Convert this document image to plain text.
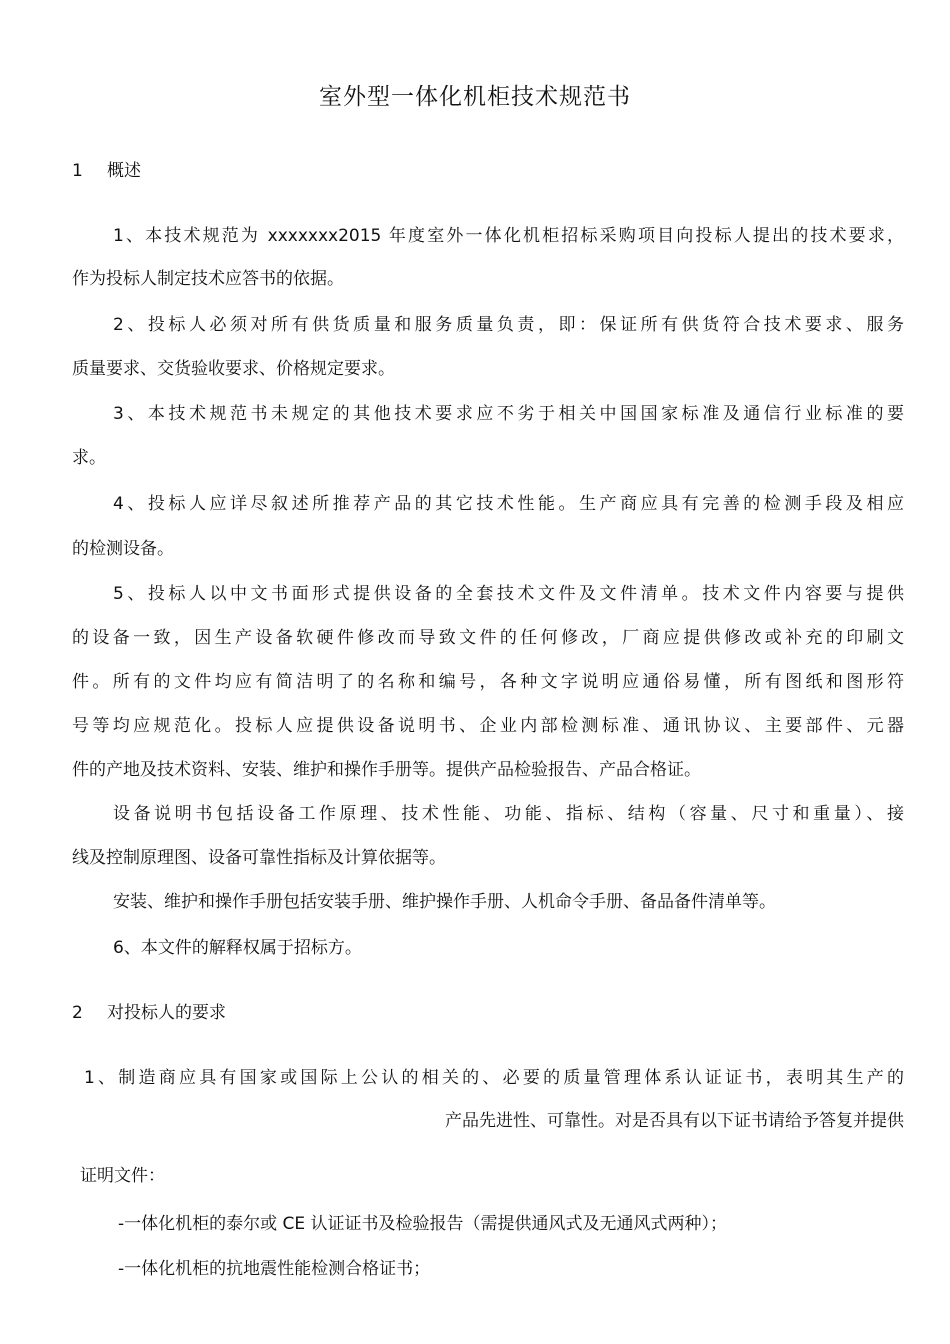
室外型一体化机柜技术规范书
1 概述
1、本技术规范为 xxxxxxx2015 年度室外一体化机柜招标采购项目向投标人提出的技术要求，
作为投标人制定技术应答书的依据。
2、投标人必须对所有供货质量和服务质量负责，即：保证所有供货符合技术要求、服务
质量要求、交货验收要求、价格规定要求。
3、本技术规范书未规定的其他技术要求应不劣于相关中国国家标准及通信行业标准的要
求。
4、投标人应详尽叙述所推荐产品的其它技术性能。生产商应具有完善的检测手段及相应
的检测设备。
5、投标人以中文书面形式提供设备的全套技术文件及文件清单。技术文件内容要与提供
的设备一致，因生产设备软硬件修改而导致文件的任何修改，厂商应提供修改或补充的印刷文
件。所有的文件均应有简洁明了的名称和编号，各种文字说明应通俗易懂，所有图纸和图形符
号等均应规范化。投标人应提供设备说明书、企业内部检测标准、通讯协议、主要部件、元器
件的产地及技术资料、安装、维护和操作手册等。提供产品检验报告、产品合格证。
设备说明书包括设备工作原理、技术性能、功能、指标、结构（容量、尺寸和重量）、接
线及控制原理图、设备可靠性指标及计算依据等。
安装、维护和操作手册包括安装手册、维护操作手册、人机命令手册、备品备件清单等。
6、本文件的解释权属于招标方。
2 对投标人的要求
1、制造商应具有国家或国际上公认的相关的、必要的质量管理体系认证证书，表明其生产的
产品先进性、可靠性。对是否具有以下证书请给予答复并提供
证明文件：
-一体化机柜的泰尔或 CE 认证证书及检验报告（需提供通风式及无通风式两种）；
-一体化机柜的抗地震性能检测合格证书；
